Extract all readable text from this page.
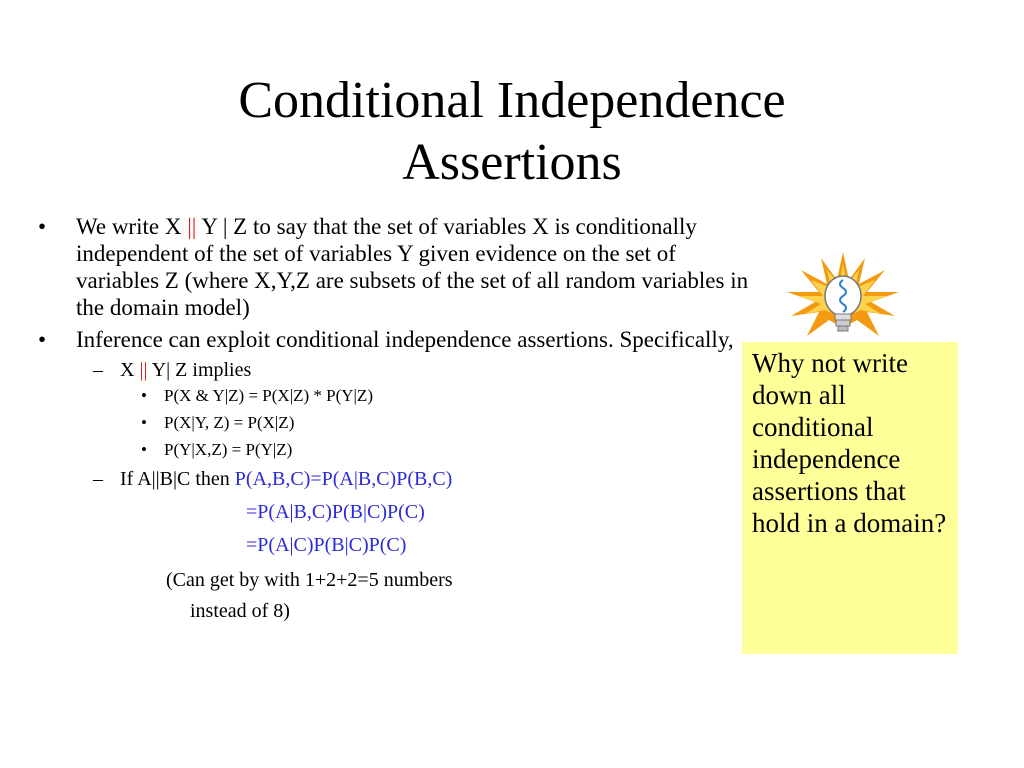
Conditional Independence
Assertions
• We write X || Y | Z to say that the set of variables X is conditionally independent of the set of variables Y given evidence on the set of variables Z (where X,Y,Z are subsets of the set of all random variables in the domain model)
• Inference can exploit conditional independence assertions. Specifically,
– X || Y| Z implies
• P(X & Y|Z) = P(X|Z) * P(Y|Z)
• P(X|Y, Z) = P(X|Z)
• P(Y|X,Z) = P(Y|Z)
– If A||B|C then P(A,B,C)=P(A|B,C)P(B,C)
=P(A|B,C)P(B|C)P(C)
=P(A|C)P(B|C)P(C)
(Can get by with 1+2+2=5 numbers
instead of 8)
Why not write down all conditional independence assertions that hold in a domain?
